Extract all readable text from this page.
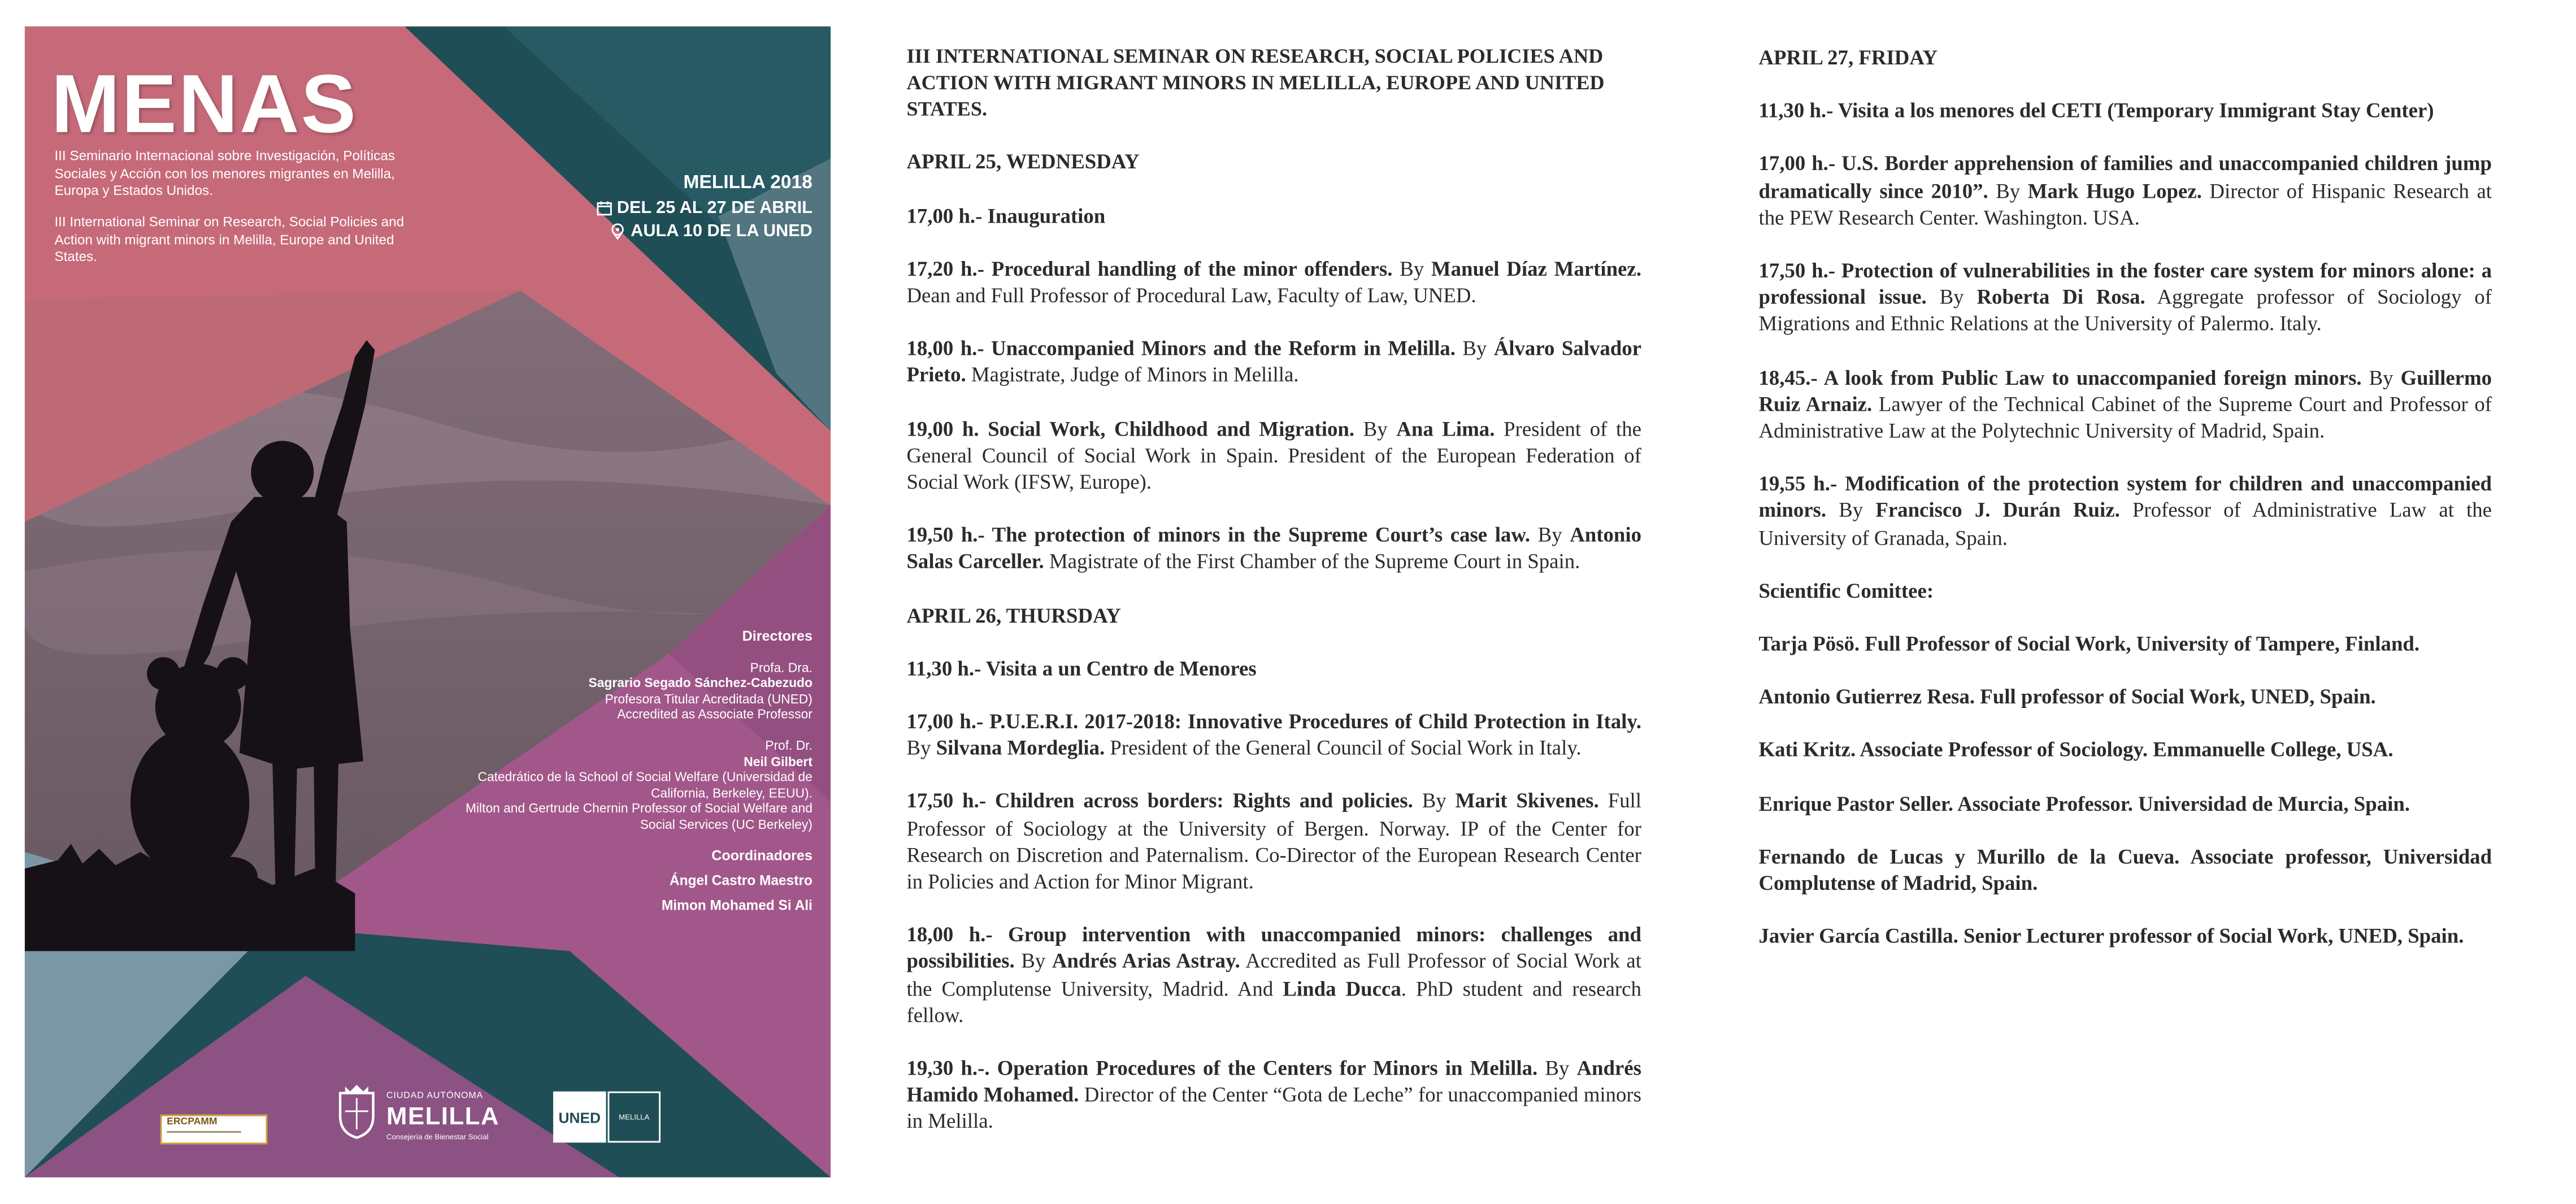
MENAS
III Seminario Internacional sobre Investigación, Políticas Sociales y Acción con los menores migrantes en Melilla, Europa y Estados Unidos.
III International Seminar on Research, Social Policies and Action with migrant minors in Melilla, Europe and United States.
MELILLA 2018
DEL 25 AL 27 DE ABRIL
AULA 10 DE LA UNED
Directores
Profa. Dra.
Sagrario Segado Sánchez-Cabezudo
Profesora Titular Acreditada (UNED)
Accredited as Associate Professor
Prof. Dr.
Neil Gilbert
Catedrático de la School of Social Welfare (Universidad de California, Berkeley, EEUU).
Milton and Gertrude Chernin Professor of Social Welfare and Social Services (UC Berkeley)
Coordinadores
Ángel Castro Maestro
Mimon Mohamed Si Ali
ERCPAMM
CIUDAD AUTÓNOMA
MELILLA
Consejería de Bienestar Social
UNED	MELILLA

III INTERNATIONAL SEMINAR ON RESEARCH, SOCIAL POLICIES AND ACTION WITH MIGRANT MINORS IN MELILLA, EUROPE AND UNITED STATES.

APRIL 25, WEDNESDAY

17,00 h.- Inauguration

17,20 h.- Procedural handling of the minor offenders. By Manuel Díaz Martínez. Dean and Full Professor of Procedural Law, Faculty of Law, UNED.

18,00 h.- Unaccompanied Minors and the Reform in Melilla. By Álvaro Salvador Prieto. Magistrate, Judge of Minors in Melilla.

19,00 h. Social Work, Childhood and Migration. By Ana Lima. President of the General Council of Social Work in Spain. President of the European Federation of Social Work (IFSW, Europe).

19,50 h.- The protection of minors in the Supreme Court’s case law. By Antonio Salas Carceller. Magistrate of the First Chamber of the Supreme Court in Spain.

APRIL 26, THURSDAY

11,30 h.- Visita a un Centro de Menores

17,00 h.- P.U.E.R.I. 2017-2018: Innovative Procedures of Child Protection in Italy. By Silvana Mordeglia. President of the General Council of Social Work in Italy.

17,50 h.- Children across borders: Rights and policies. By Marit Skivenes. Full Professor of Sociology at the University of Bergen. Norway. IP of the Center for Research on Discretion and Paternalism. Co-Director of the European Research Center in Policies and Action for Minor Migrant.

18,00 h.- Group intervention with unaccompanied minors: challenges and possibilities. By Andrés Arias Astray. Accredited as Full Professor of Social Work at the Complutense University, Madrid. And Linda Ducca. PhD student and research fellow.

19,30 h.-. Operation Procedures of the Centers for Minors in Melilla. By Andrés Hamido Mohamed. Director of the Center “Gota de Leche” for unaccompanied minors in Melilla.

APRIL 27, FRIDAY

11,30 h.- Visita a los menores del CETI (Temporary Immigrant Stay Center)

17,00 h.- U.S. Border apprehension of families and unaccompanied children jump dramatically since 2010”. By Mark Hugo Lopez. Director of Hispanic Research at the PEW Research Center. Washington. USA.

17,50 h.- Protection of vulnerabilities in the foster care system for minors alone: a professional issue. By Roberta Di Rosa. Aggregate professor of Sociology of Migrations and Ethnic Relations at the University of Palermo. Italy.

18,45.- A look from Public Law to unaccompanied foreign minors. By Guillermo Ruiz Arnaiz. Lawyer of the Technical Cabinet of the Supreme Court and Professor of Administrative Law at the Polytechnic University of Madrid, Spain.

19,55 h.- Modification of the protection system for children and unaccompanied minors. By Francisco J. Durán Ruiz. Professor of Administrative Law at the University of Granada, Spain.

Scientific Comittee:

Tarja Pösö. Full Professor of Social Work, University of Tampere, Finland.

Antonio Gutierrez Resa. Full professor of Social Work, UNED, Spain.

Kati Kritz. Associate Professor of Sociology. Emmanuelle College, USA.

Enrique Pastor Seller. Associate Professor. Universidad de Murcia, Spain.

Fernando de Lucas y Murillo de la Cueva. Associate professor, Universidad Complutense of Madrid, Spain.

Javier García Castilla. Senior Lecturer professor of Social Work, UNED, Spain.
